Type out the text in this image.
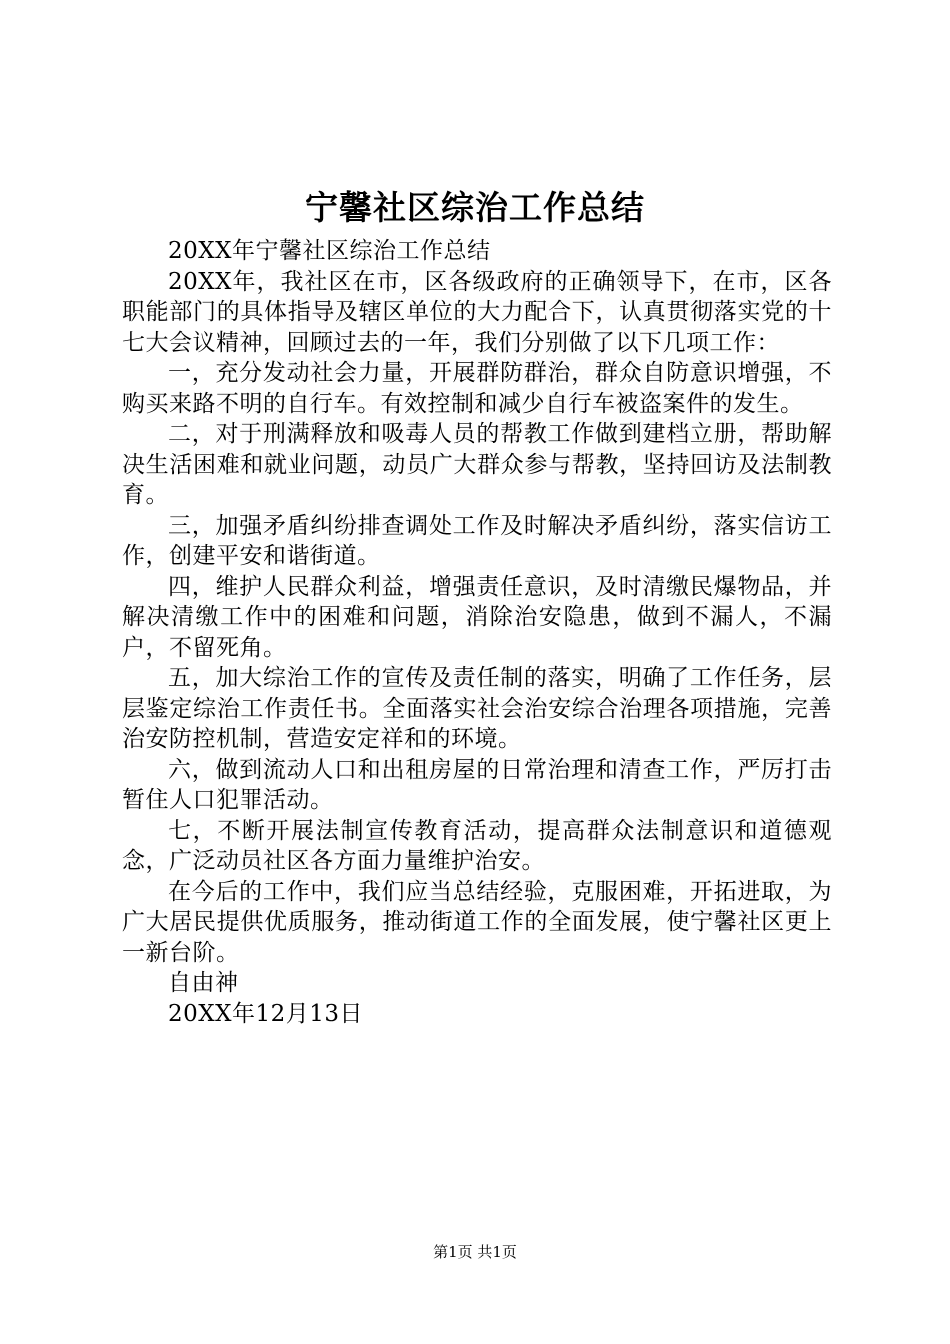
宁馨社区综治工作总结

20XX年宁馨社区综治工作总结

20XX年，我社区在市，区各级政府的正确领导下，在市，区各职能部门的具体指导及辖区单位的大力配合下，认真贯彻落实党的十七大会议精神，回顾过去的一年，我们分别做了以下几项工作：

一，充分发动社会力量，开展群防群治，群众自防意识增强，不购买来路不明的自行车。有效控制和减少自行车被盗案件的发生。

二，对于刑满释放和吸毒人员的帮教工作做到建档立册，帮助解决生活困难和就业问题，动员广大群众参与帮教，坚持回访及法制教育。

三，加强矛盾纠纷排查调处工作及时解决矛盾纠纷，落实信访工作，创建平安和谐街道。

四，维护人民群众利益，增强责任意识，及时清缴民爆物品，并解决清缴工作中的困难和问题，消除治安隐患，做到不漏人，不漏户，不留死角。

五，加大综治工作的宣传及责任制的落实，明确了工作任务，层层鉴定综治工作责任书。全面落实社会治安综合治理各项措施，完善治安防控机制，营造安定祥和的环境。

六，做到流动人口和出租房屋的日常治理和清查工作，严厉打击暂住人口犯罪活动。

七，不断开展法制宣传教育活动，提高群众法制意识和道德观念，广泛动员社区各方面力量维护治安。

在今后的工作中，我们应当总结经验，克服困难，开拓进取，为广大居民提供优质服务，推动街道工作的全面发展，使宁馨社区更上一新台阶。

自由神

20XX年12月13日

第1页 共1页
